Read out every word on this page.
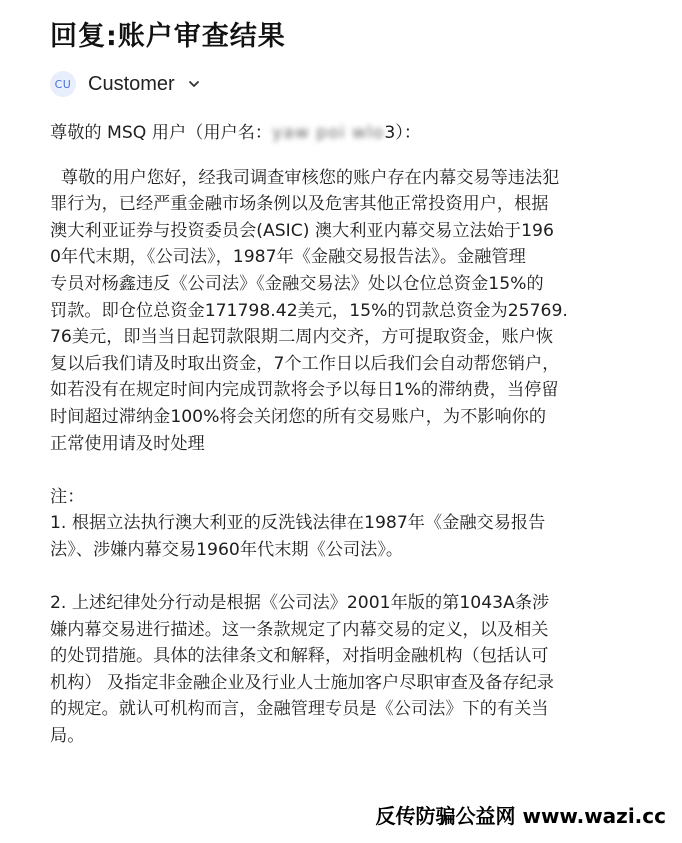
回复:账户审查结果
CU Customer
尊敬的 MSQ 用户（用户名：yaw poi wlo3）：
尊敬的用户您好，经我司调查审核您的账户存在内幕交易等违法犯
罪行为，已经严重金融市场条例以及危害其他正常投资用户，根据
澳大利亚证券与投资委员会(ASIC) 澳大利亚内幕交易立法始于196
0年代末期，《公司法》，1987年《金融交易报告法》。金融管理
专员对杨鑫违反《公司法》《金融交易法》处以仓位总资金15%的
罚款。即仓位总资金171798.42美元，15%的罚款总资金为25769.
76美元，即当当日起罚款限期二周内交齐，方可提取资金，账户恢
复以后我们请及时取出资金，7个工作日以后我们会自动帮您销户，
如若没有在规定时间内完成罚款将会予以每日1%的滞纳费，当停留
时间超过滞纳金100%将会关闭您的所有交易账户，为不影响你的
正常使用请及时处理
注：
1. 根据立法执行澳大利亚的反洗钱法律在1987年《金融交易报告
法》、涉嫌内幕交易1960年代末期《公司法》。
2. 上述纪律处分行动是根据《公司法》2001年版的第1043A条涉
嫌内幕交易进行描述。这一条款规定了内幕交易的定义，以及相关
的处罚措施。具体的法律条文和解释，对指明金融机构（包括认可
机构） 及指定非金融企业及行业人士施加客户尽职审查及备存纪录
的规定。就认可机构而言，金融管理专员是《公司法》下的有关当
局。
反传防骗公益网 www.wazi.cc
